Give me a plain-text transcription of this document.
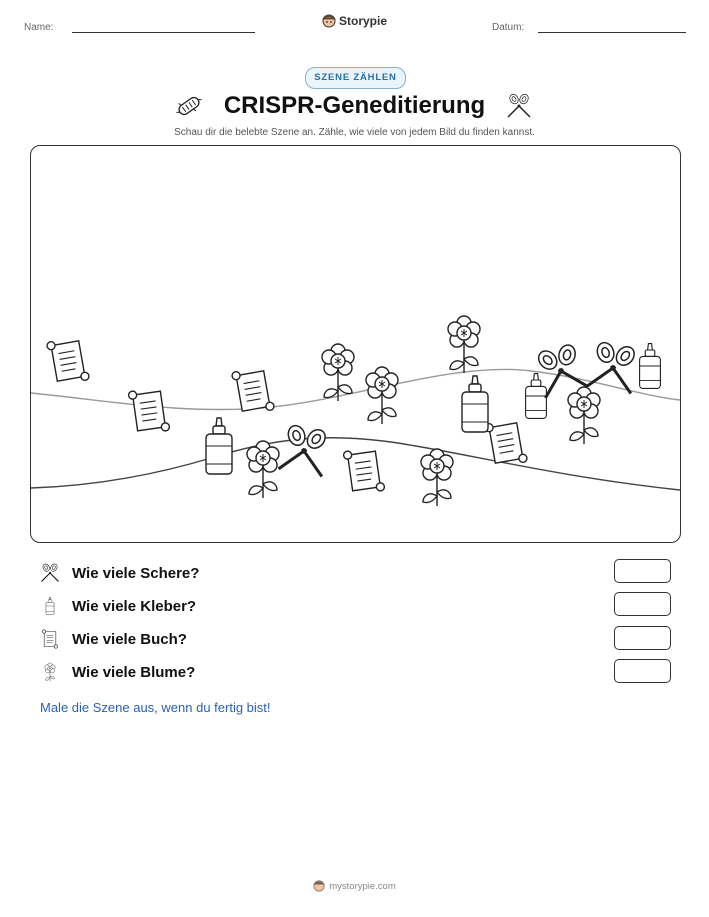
Name:	Storypie	Datum:
SZENE ZÄHLEN
CRISPR-Geneditierung
Schau dir die belebte Szene an. Zähle, wie viele von jedem Bild du finden kannst.
Wie viele Schere?
Wie viele Kleber?
Wie viele Buch?
Wie viele Blume?
Male die Szene aus, wenn du fertig bist!
mystorypie.com
